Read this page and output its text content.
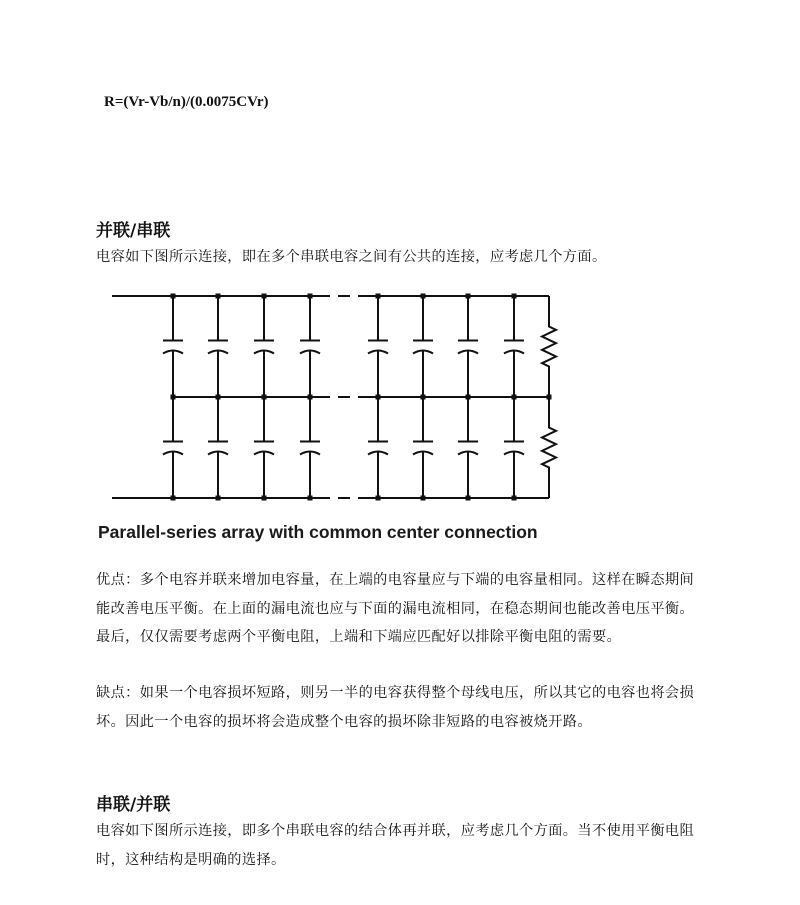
R=(Vr-Vb/n)/(0.0075CVr)
并联/串联

电容如下图所示连接，即在多个串联电容之间有公共的连接，应考虑几个方面。

Parallel-series array with common center connection

优点：多个电容并联来增加电容量，在上端的电容量应与下端的电容量相同。这样在瞬态期间能改善电压平衡。在上面的漏电流也应与下面的漏电流相同，在稳态期间也能改善电压平衡。最后，仅仅需要考虑两个平衡电阻，上端和下端应匹配好以排除平衡电阻的需要。

缺点：如果一个电容损坏短路，则另一半的电容获得整个母线电压，所以其它的电容也将会损坏。因此一个电容的损坏将会造成整个电容的损坏除非短路的电容被烧开路。

串联/并联

电容如下图所示连接，即多个串联电容的结合体再并联，应考虑几个方面。当不使用平衡电阻时，这种结构是明确的选择。
